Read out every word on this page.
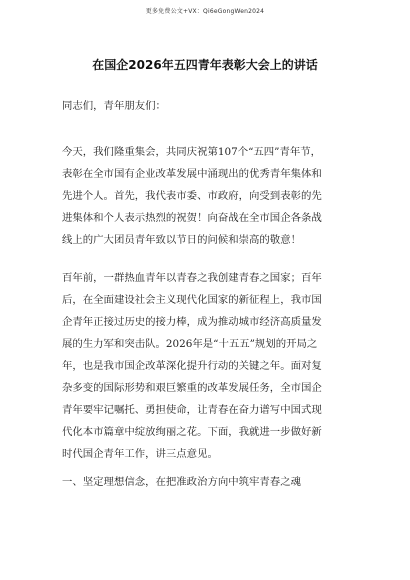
更多免费公文+VX：Qi6eGongWen2024
在国企2026年五四青年表彰大会上的讲话
同志们，青年朋友们：
今天，我们隆重集会，共同庆祝第107个“五四”青年节，
表彰在全市国有企业改革发展中涌现出的优秀青年集体和
先进个人。首先，我代表市委、市政府，向受到表彰的先
进集体和个人表示热烈的祝贺！向奋战在全市国企各条战
线上的广大团员青年致以节日的问候和崇高的敬意！
百年前，一群热血青年以青春之我创建青春之国家；百年
后，在全面建设社会主义现代化国家的新征程上，我市国
企青年正接过历史的接力棒，成为推动城市经济高质量发
展的生力军和突击队。2026年是“十五五”规划的开局之
年，也是我市国企改革深化提升行动的关键之年。面对复
杂多变的国际形势和艰巨繁重的改革发展任务，全市国企
青年要牢记嘱托、勇担使命，让青春在奋力谱写中国式现
代化本市篇章中绽放绚丽之花。下面，我就进一步做好新
时代国企青年工作，讲三点意见。
一、坚定理想信念，在把准政治方向中筑牢青春之魂
